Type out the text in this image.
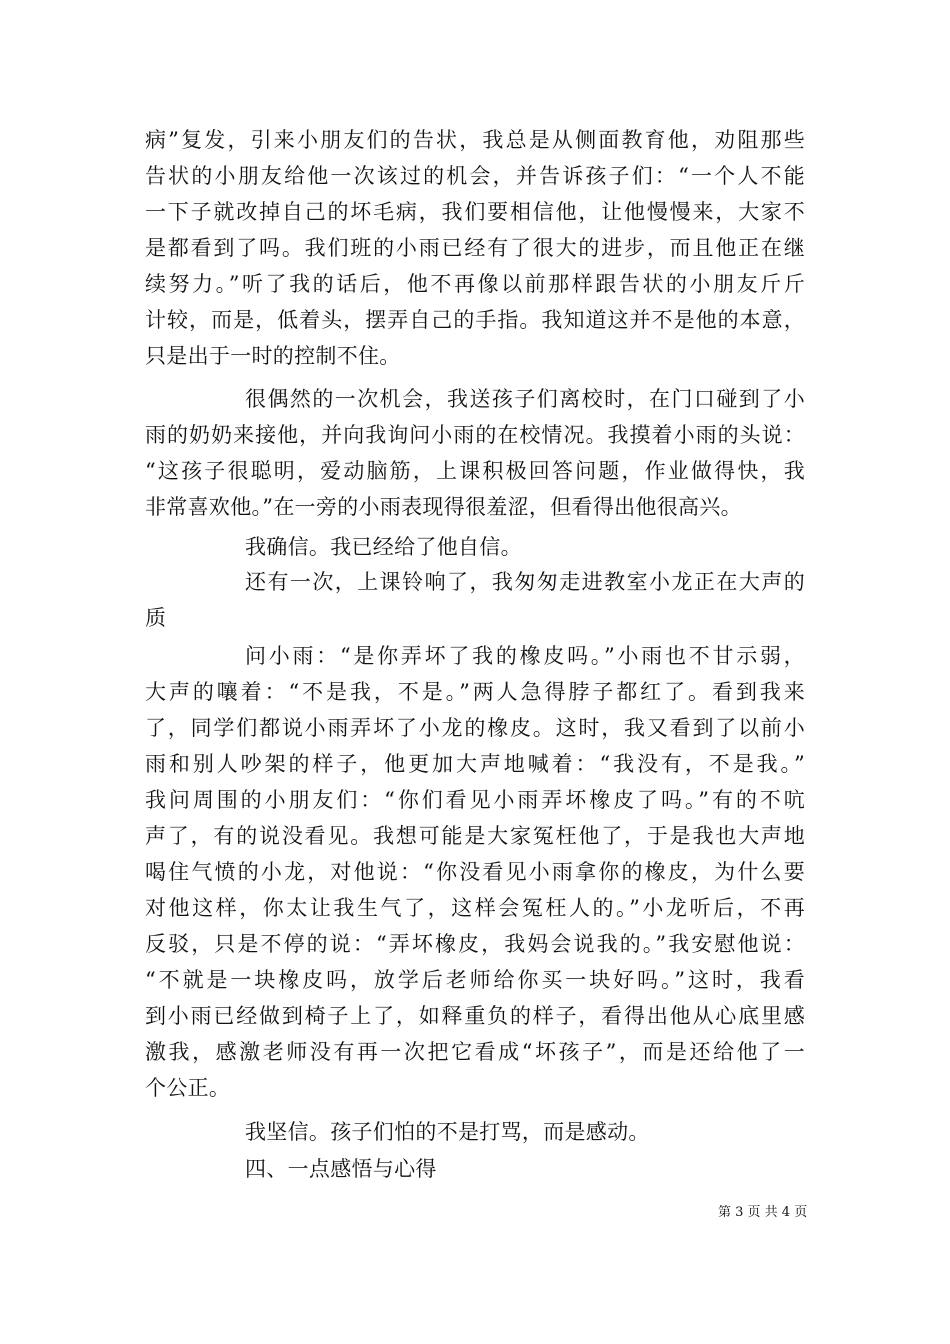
病”复发，引来小朋友们的告状，我总是从侧面教育他，劝阻那些
告状的小朋友给他一次该过的机会，并告诉孩子们：“一个人不能
一下子就改掉自己的坏毛病，我们要相信他，让他慢慢来，大家不
是都看到了吗。我们班的小雨已经有了很大的进步，而且他正在继
续努力。”听了我的话后，他不再像以前那样跟告状的小朋友斤斤
计较，而是，低着头，摆弄自己的手指。我知道这并不是他的本意，
只是出于一时的控制不住。
很偶然的一次机会，我送孩子们离校时，在门口碰到了小
雨的奶奶来接他，并向我询问小雨的在校情况。我摸着小雨的头说：
“这孩子很聪明，爱动脑筋，上课积极回答问题，作业做得快，我
非常喜欢他。”在一旁的小雨表现得很羞涩，但看得出他很高兴。
我确信。我已经给了他自信。
还有一次，上课铃响了，我匆匆走进教室小龙正在大声的
质
问小雨：“是你弄坏了我的橡皮吗。”小雨也不甘示弱，
大声的嚷着：“不是我，不是。”两人急得脖子都红了。看到我来
了，同学们都说小雨弄坏了小龙的橡皮。这时，我又看到了以前小
雨和别人吵架的样子，他更加大声地喊着：“我没有，不是我。”
我问周围的小朋友们：“你们看见小雨弄坏橡皮了吗。”有的不吭
声了，有的说没看见。我想可能是大家冤枉他了，于是我也大声地
喝住气愤的小龙，对他说：“你没看见小雨拿你的橡皮，为什么要
对他这样，你太让我生气了，这样会冤枉人的。”小龙听后，不再
反驳，只是不停的说：“弄坏橡皮，我妈会说我的。”我安慰他说：
“不就是一块橡皮吗，放学后老师给你买一块好吗。”这时，我看
到小雨已经做到椅子上了，如释重负的样子，看得出他从心底里感
激我，感激老师没有再一次把它看成“坏孩子”，而是还给他了一
个公正。
我坚信。孩子们怕的不是打骂，而是感动。
四、一点感悟与心得
第 3 页 共 4 页
